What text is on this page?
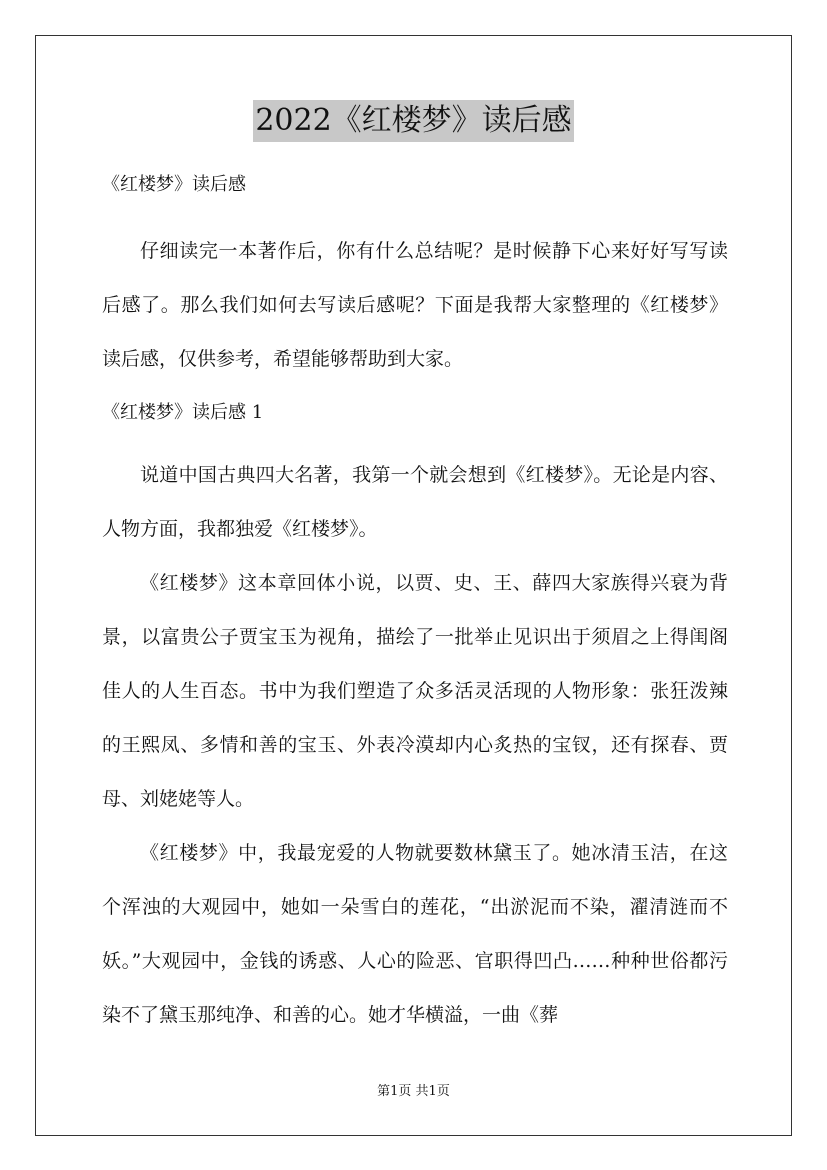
2022《红楼梦》读后感

《红楼梦》读后感

仔细读完一本著作后，你有什么总结呢？是时候静下心来好好写写读后感了。那么我们如何去写读后感呢？下面是我帮大家整理的《红楼梦》读后感，仅供参考，希望能够帮助到大家。

《红楼梦》读后感 1

说道中国古典四大名著，我第一个就会想到《红楼梦》。无论是内容、人物方面，我都独爱《红楼梦》。

《红楼梦》这本章回体小说，以贾、史、王、薛四大家族得兴衰为背景，以富贵公子贾宝玉为视角，描绘了一批举止见识出于须眉之上得闺阁佳人的人生百态。书中为我们塑造了众多活灵活现的人物形象：张狂泼辣的王熙凤、多情和善的宝玉、外表冷漠却内心炙热的宝钗，还有探春、贾母、刘姥姥等人。

《红楼梦》中，我最宠爱的人物就要数林黛玉了。她冰清玉洁，在这个浑浊的大观园中，她如一朵雪白的莲花，“出淤泥而不染，濯清涟而不妖。”大观园中，金钱的诱惑、人心的险恶、官职得凹凸……种种世俗都污染不了黛玉那纯净、和善的心。她才华横溢，一曲《葬

第1页 共1页
